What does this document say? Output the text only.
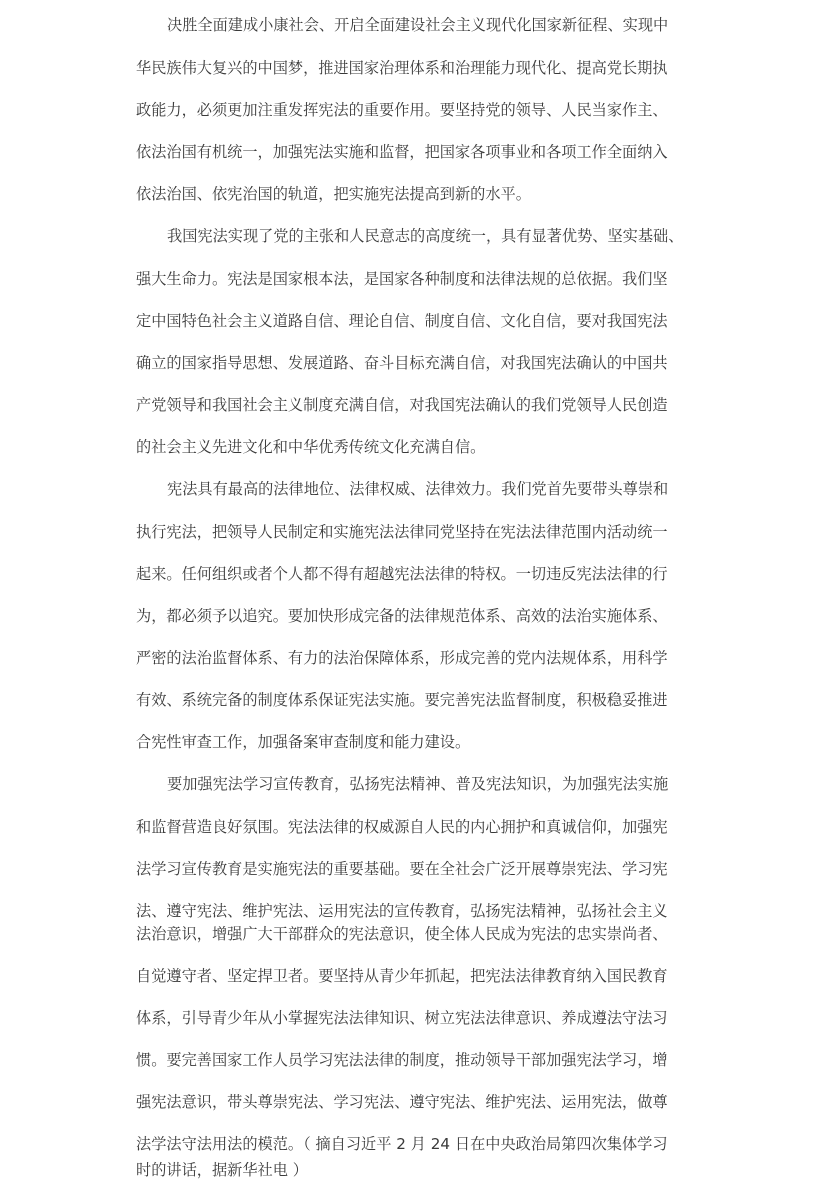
决胜全面建成小康社会、开启全面建设社会主义现代化国家新征程、实现中
华民族伟大复兴的中国梦，推进国家治理体系和治理能力现代化、提高党长期执
政能力，必须更加注重发挥宪法的重要作用。要坚持党的领导、人民当家作主、
依法治国有机统一，加强宪法实施和监督，把国家各项事业和各项工作全面纳入
依法治国、依宪治国的轨道，把实施宪法提高到新的水平。
我国宪法实现了党的主张和人民意志的高度统一，具有显著优势、坚实基础、
强大生命力。宪法是国家根本法，是国家各种制度和法律法规的总依据。我们坚
定中国特色社会主义道路自信、理论自信、制度自信、文化自信，要对我国宪法
确立的国家指导思想、发展道路、奋斗目标充满自信，对我国宪法确认的中国共
产党领导和我国社会主义制度充满自信，对我国宪法确认的我们党领导人民创造
的社会主义先进文化和中华优秀传统文化充满自信。
宪法具有最高的法律地位、法律权威、法律效力。我们党首先要带头尊崇和
执行宪法，把领导人民制定和实施宪法法律同党坚持在宪法法律范围内活动统一
起来。任何组织或者个人都不得有超越宪法法律的特权。一切违反宪法法律的行
为，都必须予以追究。要加快形成完备的法律规范体系、高效的法治实施体系、
严密的法治监督体系、有力的法治保障体系，形成完善的党内法规体系，用科学
有效、系统完备的制度体系保证宪法实施。要完善宪法监督制度，积极稳妥推进
合宪性审查工作，加强备案审查制度和能力建设。
要加强宪法学习宣传教育，弘扬宪法精神、普及宪法知识，为加强宪法实施
和监督营造良好氛围。宪法法律的权威源自人民的内心拥护和真诚信仰，加强宪
法学习宣传教育是实施宪法的重要基础。要在全社会广泛开展尊崇宪法、学习宪
法、遵守宪法、维护宪法、运用宪法的宣传教育，弘扬宪法精神，弘扬社会主义
法治意识，增强广大干部群众的宪法意识，使全体人民成为宪法的忠实崇尚者、
自觉遵守者、坚定捍卫者。要坚持从青少年抓起，把宪法法律教育纳入国民教育
体系，引导青少年从小掌握宪法法律知识、树立宪法法律意识、养成遵法守法习
惯。要完善国家工作人员学习宪法法律的制度，推动领导干部加强宪法学习，增
强宪法意识，带头尊崇宪法、学习宪法、遵守宪法、维护宪法、运用宪法，做尊
法学法守法用法的模范。（ 摘自习近平 2 月 24 日在中央政治局第四次集体学习
时的讲话，据新华社电 ）
